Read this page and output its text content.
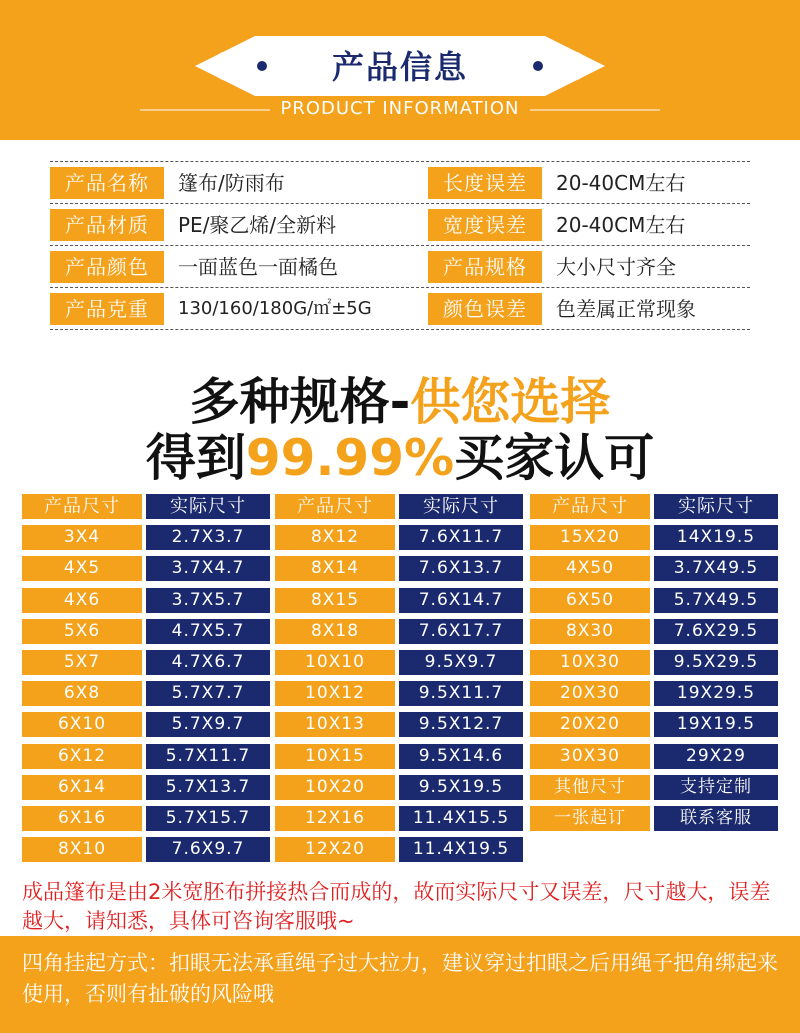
产品信息
PRODUCT INFORMATION
产品名称	篷布/防雨布	长度误差	20-40CM左右
产品材质	PE/聚乙烯/全新料	宽度误差	20-40CM左右
产品颜色	一面蓝色一面橘色	产品规格	大小尺寸齐全
产品克重	130/160/180G/㎡±5G	颜色误差	色差属正常现象
多种规格-供您选择
得到99.99%买家认可
产品尺寸	实际尺寸
3X4	2.7X3.7
4X5	3.7X4.7
4X6	3.7X5.7
5X6	4.7X5.7
5X7	4.7X6.7
6X8	5.7X7.7
6X10	5.7X9.7
6X12	5.7X11.7
6X14	5.7X13.7
6X16	5.7X15.7
8X10	7.6X9.7
产品尺寸	实际尺寸
8X12	7.6X11.7
8X14	7.6X13.7
8X15	7.6X14.7
8X18	7.6X17.7
10X10	9.5X9.7
10X12	9.5X11.7
10X13	9.5X12.7
10X15	9.5X14.6
10X20	9.5X19.5
12X16	11.4X15.5
12X20	11.4X19.5
产品尺寸	实际尺寸
15X20	14X19.5
4X50	3.7X49.5
6X50	5.7X49.5
8X30	7.6X29.5
10X30	9.5X29.5
20X30	19X29.5
20X20	19X19.5
30X30	29X29
其他尺寸	支持定制
一张起订	联系客服
成品篷布是由2米宽胚布拼接热合而成的，故而实际尺寸又误差，尺寸越大，误差越大，请知悉，具体可咨询客服哦~
四角挂起方式：扣眼无法承重绳子过大拉力，建议穿过扣眼之后用绳子把角绑起来使用，否则有扯破的风险哦
